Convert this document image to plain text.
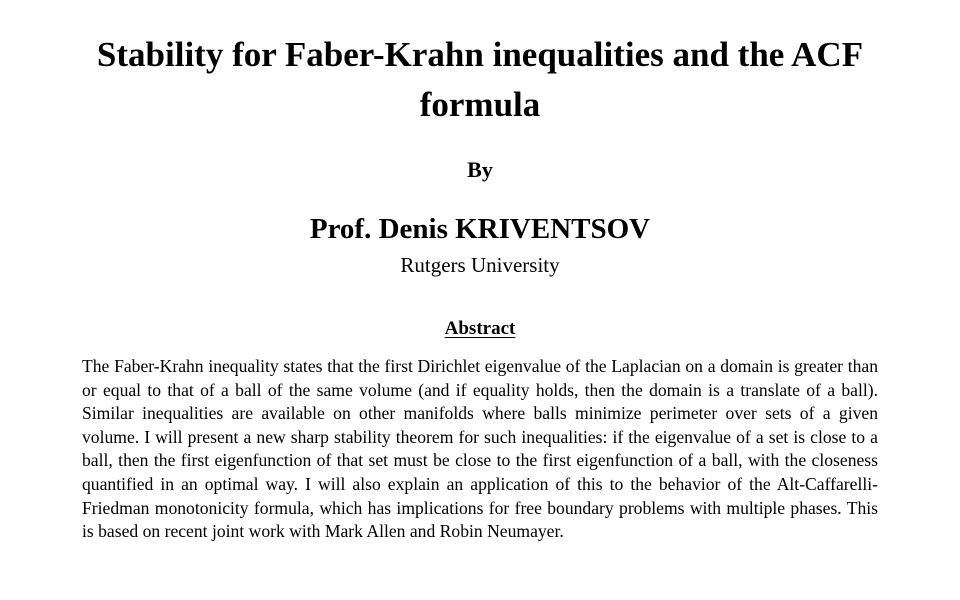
Stability for Faber-Krahn inequalities and the ACF formula
By
Prof. Denis KRIVENTSOV
Rutgers University
Abstract

The Faber-Krahn inequality states that the first Dirichlet eigenvalue of the Laplacian on a domain is greater than or equal to that of a ball of the same volume (and if equality holds, then the domain is a translate of a ball). Similar inequalities are available on other manifolds where balls minimize perimeter over sets of a given volume. I will present a new sharp stability theorem for such inequalities: if the eigenvalue of a set is close to a ball, then the first eigenfunction of that set must be close to the first eigenfunction of a ball, with the closeness quantified in an optimal way. I will also explain an application of this to the behavior of the Alt-Caffarelli-Friedman monotonicity formula, which has implications for free boundary problems with multiple phases. This is based on recent joint work with Mark Allen and Robin Neumayer.
